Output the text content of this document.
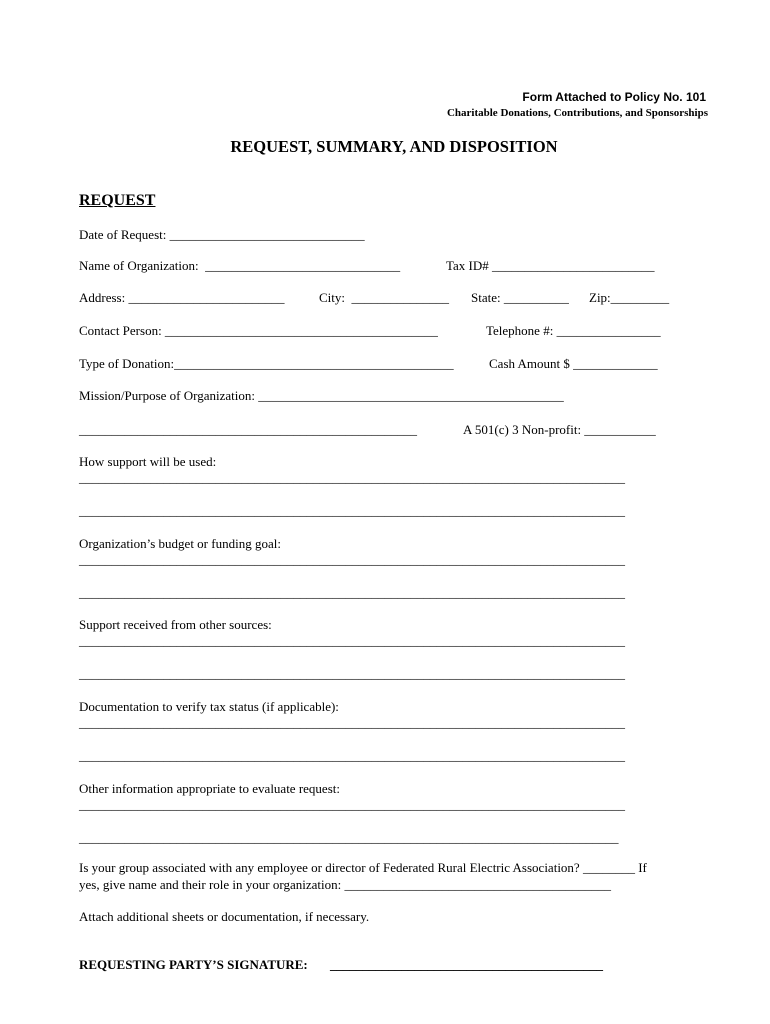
Form Attached to Policy No. 101
Charitable Donations, Contributions, and Sponsorships
REQUEST, SUMMARY, AND DISPOSITION
REQUEST
Date of Request: ______________________________
Name of Organization:  ______________________________	Tax ID# _________________________
Address: ________________________	City:  _______________ State: __________ Zip:_________
Contact Person: __________________________________________	Telephone #: ________________
Type of Donation:___________________________________________	Cash Amount $ _____________
Mission/Purpose of Organization: _______________________________________________
____________________________________________________	A 501(c) 3 Non-profit: ___________
How support will be used:
____________________________________________________________________________________
____________________________________________________________________________________
Organization’s budget or funding goal:
____________________________________________________________________________________
____________________________________________________________________________________
Support received from other sources:
____________________________________________________________________________________
____________________________________________________________________________________
Documentation to verify tax status (if applicable):
____________________________________________________________________________________
____________________________________________________________________________________
Other information appropriate to evaluate request:
____________________________________________________________________________________
___________________________________________________________________________________
Is your group associated with any employee or director of Federated Rural Electric Association? ________ If
yes, give name and their role in your organization: _________________________________________
Attach additional sheets or documentation, if necessary.
REQUESTING PARTY’S SIGNATURE: __________________________________________
